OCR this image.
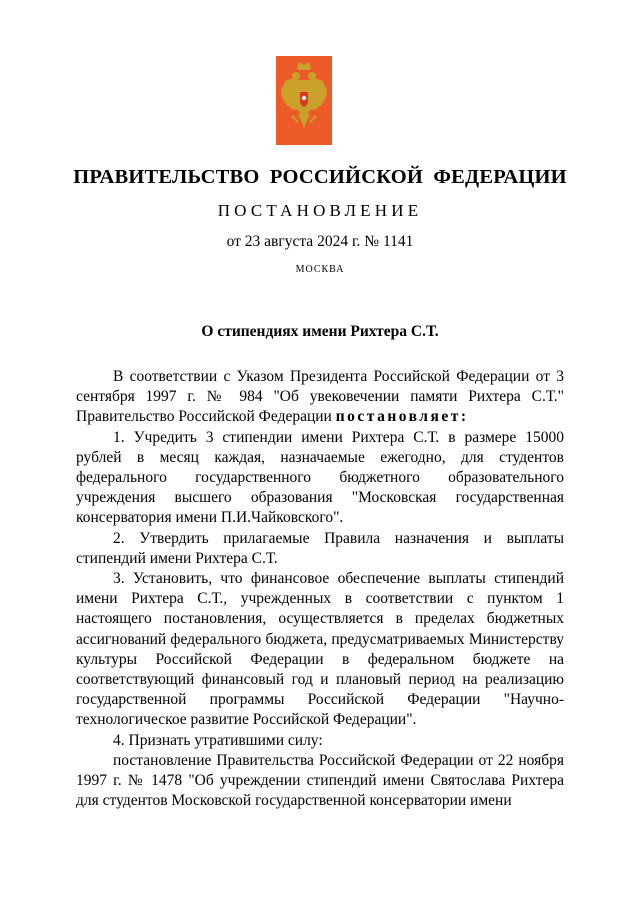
ПРАВИТЕЛЬСТВО РОССИЙСКОЙ ФЕДЕРАЦИИ
ПОСТАНОВЛЕНИЕ
от 23 августа 2024 г. № 1141
МОСКВА
О стипендиях имени Рихтера С.Т.

В соответствии с Указом Президента Российской Федерации от 3 сентября 1997 г. № 984 "Об увековечении памяти Рихтера С.Т." Правительство Российской Федерации постановляет:

1. Учредить 3 стипендии имени Рихтера С.Т. в размере 15000 рублей в месяц каждая, назначаемые ежегодно, для студентов федерального государственного бюджетного образовательного учреждения высшего образования "Московская государственная консерватория имени П.И.Чайковского".

2. Утвердить прилагаемые Правила назначения и выплаты стипендий имени Рихтера С.Т.

3. Установить, что финансовое обеспечение выплаты стипендий имени Рихтера С.Т., учрежденных в соответствии с пунктом 1 настоящего постановления, осуществляется в пределах бюджетных ассигнований федерального бюджета, предусматриваемых Министерству культуры Российской Федерации в федеральном бюджете на соответствующий финансовый год и плановый период на реализацию государственной программы Российской Федерации "Научно-технологическое развитие Российской Федерации".

4. Признать утратившими силу:

постановление Правительства Российской Федерации от 22 ноября 1997 г. № 1478 "Об учреждении стипендий имени Святослава Рихтера для студентов Московской государственной консерватории имени
